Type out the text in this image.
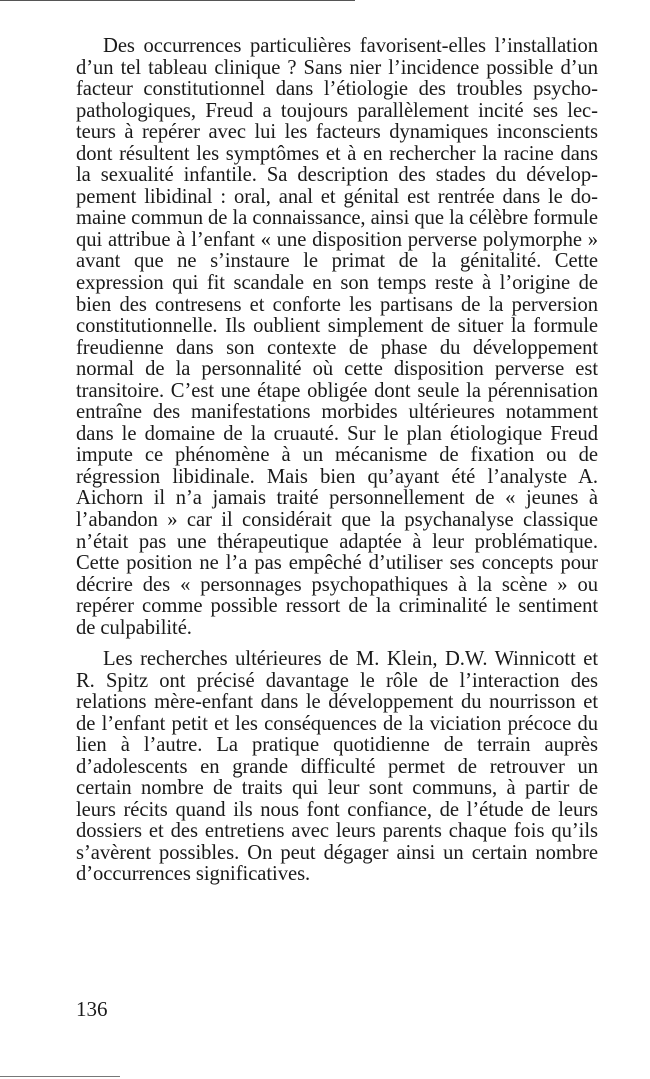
Des occurrences particulières favorisent-elles l’installation d’un tel tableau clinique ? Sans nier l’incidence possible d’un facteur constitutionnel dans l’étiologie des troubles psychopathologiques, Freud a toujours parallèlement incité ses lecteurs à repérer avec lui les facteurs dynamiques inconscients dont résultent les symptômes et à en rechercher la racine dans la sexualité infantile. Sa description des stades du développement libidinal : oral, anal et génital est rentrée dans le domaine commun de la connaissance, ainsi que la célèbre formule qui attribue à l’enfant « une disposition perverse polymorphe » avant que ne s’instaure le primat de la génitalité. Cette expression qui fit scandale en son temps reste à l’origine de bien des contresens et conforte les partisans de la perversion constitutionnelle. Ils oublient simplement de situer la formule freudienne dans son contexte de phase du développement normal de la personnalité où cette disposition perverse est transitoire. C’est une étape obligée dont seule la pérennisation entraîne des manifestations morbides ultérieures notamment dans le domaine de la cruauté. Sur le plan étiologique Freud impute ce phénomène à un mécanisme de fixation ou de régression libidinale. Mais bien qu’ayant été l’analyste A. Aichorn il n’a jamais traité personnellement de « jeunes à l’abandon » car il considérait que la psychanalyse classique n’était pas une thérapeutique adaptée à leur problématique. Cette position ne l’a pas empêché d’utiliser ses concepts pour décrire des « personnages psychopathiques à la scène » ou repérer comme possible ressort de la criminalité le sentiment de culpabilité.

Les recherches ultérieures de M. Klein, D.W. Winnicott et R. Spitz ont précisé davantage le rôle de l’interaction des relations mère-enfant dans le développement du nourrisson et de l’enfant petit et les conséquences de la viciation précoce du lien à l’autre. La pratique quotidienne de terrain auprès d’adolescents en grande difficulté permet de retrouver un certain nombre de traits qui leur sont communs, à partir de leurs récits quand ils nous font confiance, de l’étude de leurs dossiers et des entretiens avec leurs parents chaque fois qu’ils s’avèrent possibles. On peut dégager ainsi un certain nombre d’occurrences significatives.

136
